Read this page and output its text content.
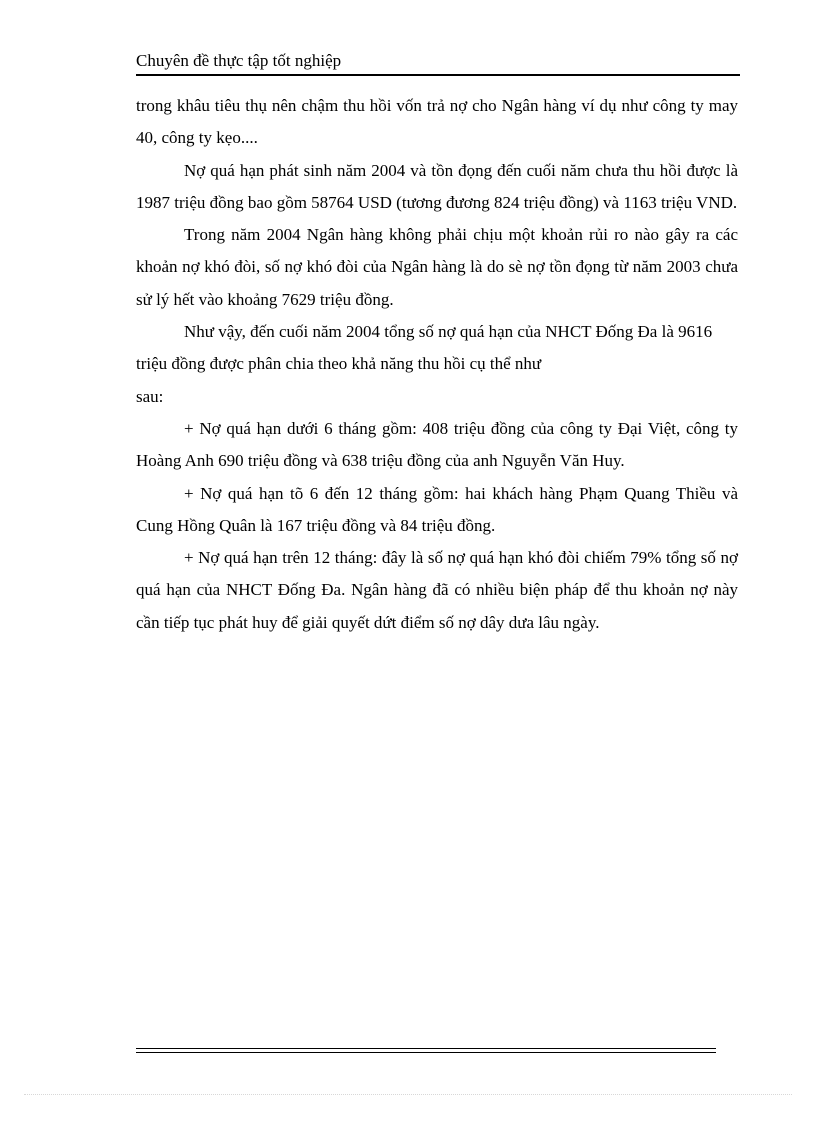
Chuyên đề thực tập tốt nghiệp

trong khâu tiêu thụ nên chậm thu hồi vốn trả nợ cho Ngân hàng ví dụ như công ty may 40, công ty kẹo....

Nợ quá hạn phát sinh năm 2004 và tồn đọng đến cuối năm chưa thu hồi được là 1987 triệu đồng bao gồm 58764 USD (tương đương 824 triệu đồng) và 1163 triệu VND.

Trong năm 2004 Ngân hàng không phải chịu một khoản rủi ro nào gây ra các khoản nợ khó đòi, số nợ khó đòi của Ngân hàng là do sè nợ tồn đọng từ năm 2003 chưa sử lý hết vào khoảng 7629 triệu đồng.

Như vậy, đến cuối năm 2004 tổng số nợ quá hạn của NHCT Đống Đa là 9616 triệu đồng được phân chia theo khả năng thu hồi cụ thể như

sau:

+ Nợ quá hạn dưới 6 tháng gồm: 408 triệu đồng của công ty Đại Việt, công ty Hoàng Anh 690 triệu đồng và 638 triệu đồng của anh Nguyễn Văn Huy.

+ Nợ quá hạn tõ 6 đến 12 tháng gồm: hai khách hàng Phạm Quang Thiều và Cung Hồng Quân là 167 triệu đồng và 84 triệu đồng.

+ Nợ quá hạn trên 12 tháng: đây là số nợ quá hạn khó đòi chiếm 79% tổng số nợ quá hạn của NHCT Đống Đa. Ngân hàng đã có nhiều biện pháp để thu khoản nợ này cần tiếp tục phát huy để giải quyết dứt điểm số nợ dây dưa lâu ngày.
